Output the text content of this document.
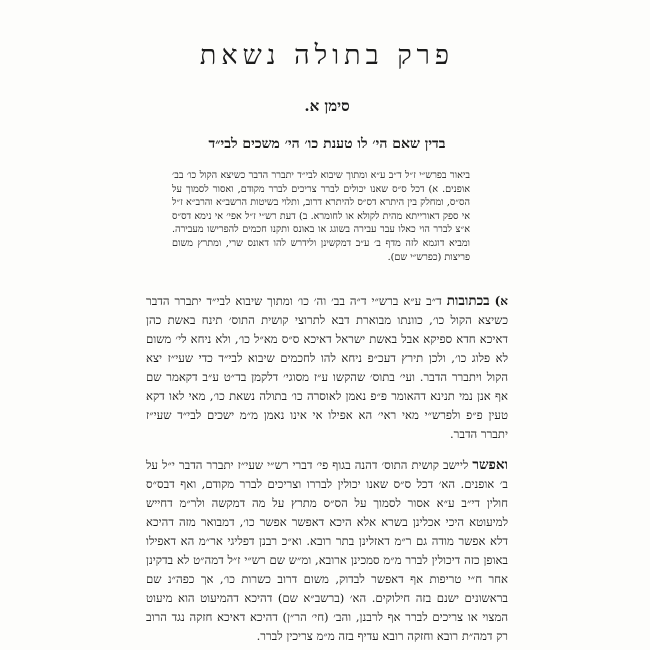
פרק בתולה נשאת
סימן א.
בדין שאם הי׳ לו טענת כו׳ הי׳ משכים לבי״ד

ביאור בפרש״י ז״ל ד״ב ע״א ומתוך שיבוא לבי״ד יתברר הדבר כשיצא הקול כו׳ בב׳ אופנים. א) דכל ס״ס שאנו יכולים לברר צריכים לברר מקודם, ואסור לסמוך על הס״ס, ומחלק בין היתרא דס״ס להיתרא דרוב, ותלוי בשיטות הרשב״א והרב״א ז״ל אי ספק דאורייתא מהית לקולא או לחומרא. ב) דעת רש״י ז״ל אפי׳ אי נימא דס״ס א״צ לברר הוי כאלו עבר עבירה בשוגג או באונס ותקנו חכמים להפרישו מעבירה. ומביא דוגמא לזה מדף ב׳ ע״ב דמקשינן ולידרש להו דאונס שרי, ומתרץ משום פריצות (כפרש״י שם).

א) בכתובות ד״ב ע״א ברש״י ד״ה בב׳ וה׳ כו׳ ומתוך שיבוא לבי״ד יתברר הדבר כשיצא הקול כו׳, כוונתו מבוארת דבא לתרוצי קושית התוס׳ תינח באשת כהן דאיכא חדא ספיקא אבל באשת ישראל דאיכא ס״ס מא״ל כו׳, ולא ניחא לי׳ משום לא פלוג כו׳, ולכן תירץ דעכ״פ ניחא להו לחכמים שיבוא לבי״ד כדי שעי״ז יצא הקול ויתברר הדבר. ועי׳ בתוס׳ שהקשו ע״ז מסוגי׳ דלקמן בד״ט ע״ב דקאמר שם אף אנן נמי תנינא דהאומר פ״פ נאמן לאוסרה כו׳ בתולה נשאת כו׳, מאי לאו דקא טעין פ״פ ולפרש״י מאי ראי׳ הא אפילו אי אינו נאמן מ״מ ישכים לבי״ד שעי״ז יתברר הדבר.

ואפשר ליישב קושית התוס׳ דהנה בגוף פי׳ דברי רש״י שעי״ז יתברר הדבר י״ל על ב׳ אופנים. הא׳ דכל ס״ס שאנו יכולין לבררו וצריכים לברר מקודם, ואף דבס״ס חולין די״ב ע״א אסור לסמוך על הס״ס מתרץ על מה דמקשה ולר״מ דחייש למיעוטא היכי אכלינן בשרא אלא היכא דאפשר אפשר כו׳, דמבואר מזה דהיכא דלא אפשר מודה גם ר״מ דאזלינן בתר רובא. וא״כ רבנן דפליגי אר״מ הא דאפילו באופן כזה דיכולין לברר מ״מ סמכינן ארובא, ומ״ש שם רש״י ז״ל דמה״ט לא בדקינן אחר ח״י טריפות אף דאפשר לבדוק, משום דרוב כשרות כו׳, אך כפה״נ שם בראשונים ישנם בזה חילוקים. הא׳ (ברשב״א שם) דהיכא דהמיעוט הוא מיעוט המצוי או צריכים לברר אף לרבנן, והב׳ (חי׳ הר״ן) דהיכא דאיכא חזקה נגד הרוב רק דמה״ת רובא וחזקה רובא עדיף בזה מ״מ צריכין לברר.
